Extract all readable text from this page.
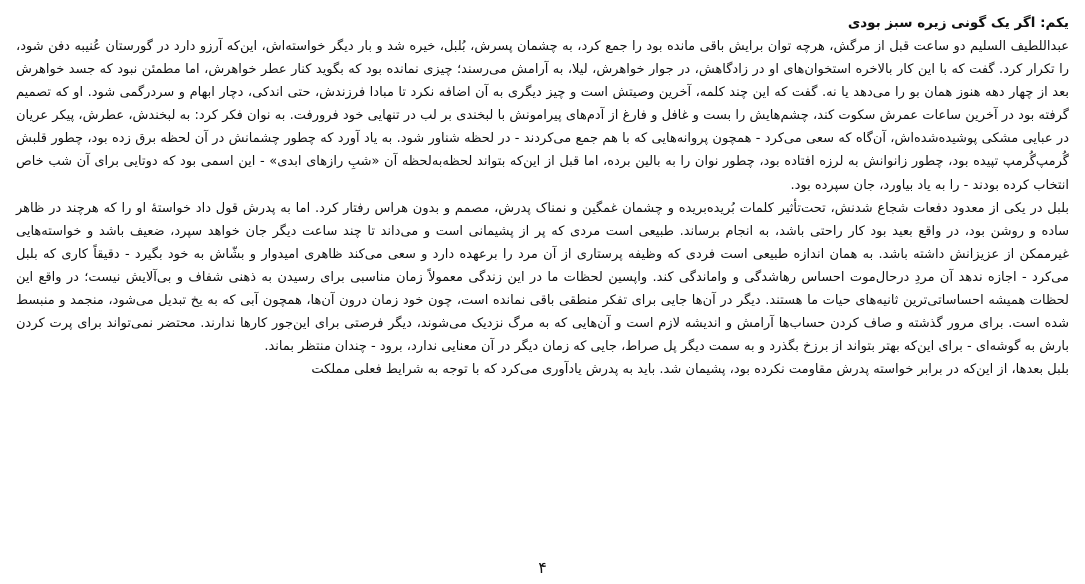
یکم: اگر یک گونی زیره سبز بودی

عبداللطیف السلیم دو ساعت قبل از مرگش، هرچه توان برایش باقی مانده بود را جمع کرد، به چشمان پسرش، بُلبل، خیره شد و بار دیگر خواسته‌اش، این‌که آرزو دارد در گورستان عُنیبه دفن شود، را تکرار کرد. گفت که با این کار بالاخره استخوان‌های او در زادگاهش، در جوار خواهرش، لیلا، به آرامش می‌رسند؛ چیزی نمانده بود که بگوید کنار عطر خواهرش، اما مطمئن نبود که جسد خواهرش بعد از چهار دهه هنوز همان بو را می‌دهد یا نه. گفت که این چند کلمه، آخرین وصیتش است و چیز دیگری به آن اضافه نکرد تا مبادا فرزندش، حتی اندکی، دچار ابهام و سردرگمی شود. او که تصمیم گرفته بود در آخرین ساعات عمرش سکوت کند، چشم‌هایش را بست و غافل و فارغ از آدم‌های پیرامونش با لبخندی بر لب در تنهایی خود فرورفت. به نوان فکر کرد: به لبخندش، عطرش، پیکر عریان در عبایی مشکی پوشیده‌شده‌اش، آن‌گاه که سعی می‌کرد - همچون پروانه‌هایی که با هم جمع می‌کردند - در لحظه شناور شود. به یاد آورد که چطور چشمانش در آن لحظه برق زده بود، چطور قلبش گُرمپ‌گُرمپ تپیده بود، چطور زانوانش به لرزه افتاده بود، چطور نوان را به بالین برده، اما قبل از این‌که بتواند لحظه‌به‌لحظه آن «شبِ رازهای ابدی» - این اسمی بود که دوتایی برای آن شب خاص انتخاب کرده بودند - را به یاد بیاورد، جان سپرده بود.

بلبل در یکی از معدود دفعات شجاع شدنش، تحت‌تأثیر کلمات بُریده‌بریده و چشمان غمگین و نمناک پدرش، مصمم و بدون هراس رفتار کرد. اما به پدرش قول داد خواستهٔ او را که هرچند در ظاهر ساده و روشن بود، در واقع بعید بود کار راحتی باشد، به انجام برساند. طبیعی است مردی که پر از پشیمانی است و می‌داند تا چند ساعت دیگر جان خواهد سپرد، ضعیف باشد و خواسته‌هایی غیرممکن از عزیزانش داشته باشد. به همان اندازه طبیعی است فردی که وظیفه پرستاری از آن مرد را برعهده دارد و سعی می‌کند ظاهری امیدوار و بشّاش به خود بگیرد - دقیقاً کاری که بلبل می‌کرد - اجازه ندهد آن مردِ درحال‌موت احساس رهاشدگی و واماندگی کند. واپسین لحظات ما در این زندگی معمولاً زمان مناسبی برای رسیدن به ذهنی شفاف و بی‌آلایش نیست؛ در واقع این لحظات همیشه احساساتی‌ترین ثانیه‌های حیات ما هستند. دیگر در آن‌ها جایی برای تفکر منطقی باقی نمانده است، چون خود زمان درون آن‌ها، همچون آبی که به یخ تبدیل می‌شود، منجمد و منبسط شده است. برای مرور گذشته و صاف کردن حساب‌ها آرامش و اندیشه لازم است و آن‌هایی که به مرگ نزدیک می‌شوند، دیگر فرصتی برای این‌جور کارها ندارند. محتضر نمی‌تواند برای پرت کردن بارش به گوشه‌ای - برای این‌که بهتر بتواند از برزخ بگذرد و به سمت دیگر پل صراط، جایی که زمان دیگر در آن معنایی ندارد، برود - چندان منتظر بماند.

بلبل بعدها، از این‌که در برابر خواسته پدرش مقاومت نکرده بود، پشیمان شد. باید به پدرش یادآوری می‌کرد که با توجه به شرایط فعلی مملکت

۴
